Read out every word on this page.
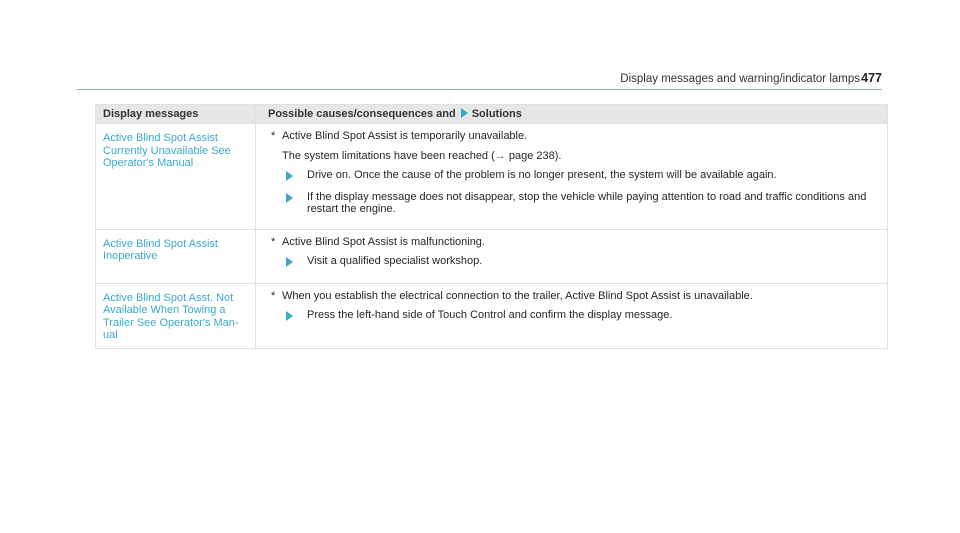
Display messages and warning/indicator lamps 477
Display messages	Possible causes/consequences and Solutions
Active Blind Spot Assist Currently Unavailable See Operator's Manual	* Active Blind Spot Assist is temporarily unavailable.
The system limitations have been reached (→ page 238).
Drive on. Once the cause of the problem is no longer present, the system will be available again.
If the display message does not disappear, stop the vehicle while paying attention to road and traffic conditions and restart the engine.

Active Blind Spot Assist Inoperative	* Active Blind Spot Assist is malfunctioning.
Visit a qualified specialist workshop.

Active Blind Spot Asst. Not Available When Towing a Trailer See Operator's Man- ual	* When you establish the electrical connection to the trailer, Active Blind Spot Assist is unavailable.
Press the left-hand side of Touch Control and confirm the display message.
